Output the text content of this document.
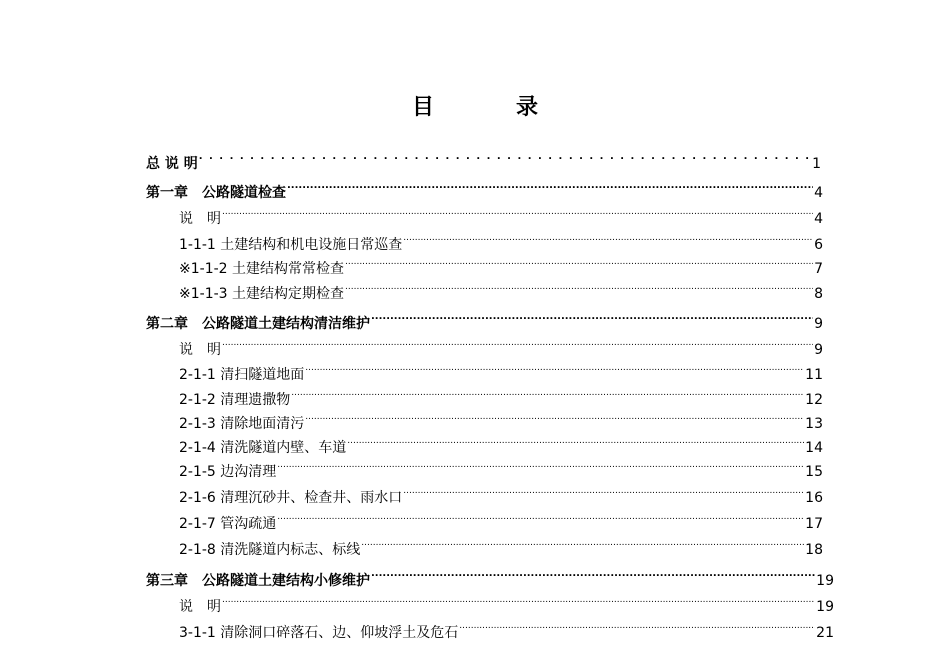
目　录
总 说 明 . . .	1
第一章　公路隧道检查 .....	4
说　明 .....	4
1-1-1 土建结构和机电设施日常巡查 .....	6
※1-1-2 土建结构常常检查 .....	7
※1-1-3 土建结构定期检查 .....	8
第二章　公路隧道土建结构清洁维护 .....	9
说　明 .....	9
2-1-1 清扫隧道地面 .....	11
2-1-2 清理遗撒物 .....	12
2-1-3 清除地面清污 .....	13
2-1-4 清洗隧道内壁、车道 .....	14
2-1-5 边沟清理 .....	15
2-1-6 清理沉砂井、检查井、雨水口 .....	16
2-1-7 管沟疏通 .....	17
2-1-8 清洗隧道内标志、标线 .....	18
第三章　公路隧道土建结构小修维护 .....	19
说　明 .....	19
3-1-1 清除洞口碎落石、边、仰坡浮土及危石 .....	21
